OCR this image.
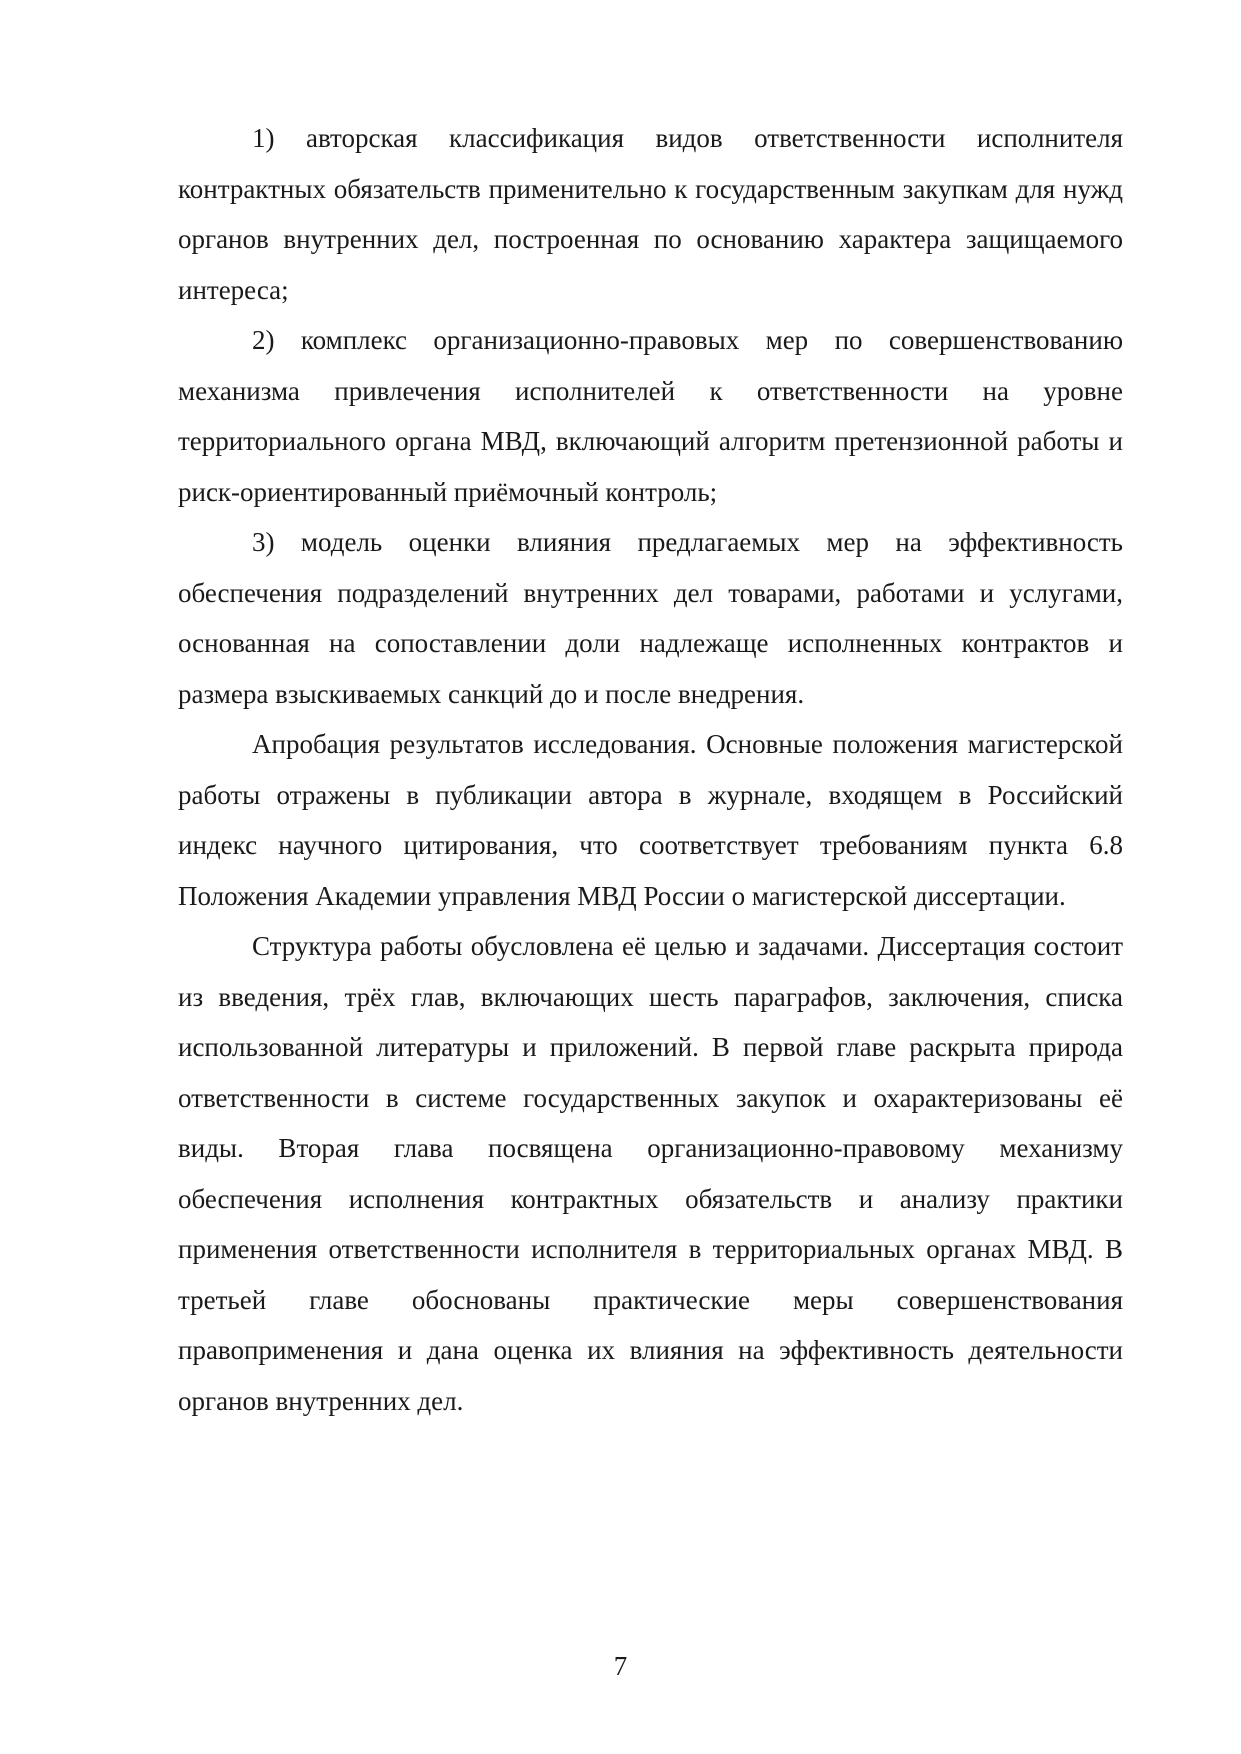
1) авторская классификация видов ответственности исполнителя контрактных обязательств применительно к государственным закупкам для нужд органов внутренних дел, построенная по основанию характера защищаемого интереса;

2) комплекс организационно-правовых мер по совершенствованию механизма привлечения исполнителей к ответственности на уровне территориального органа МВД, включающий алгоритм претензионной работы и риск-ориентированный приёмочный контроль;

3) модель оценки влияния предлагаемых мер на эффективность обеспечения подразделений внутренних дел товарами, работами и услугами, основанная на сопоставлении доли надлежаще исполненных контрактов и размера взыскиваемых санкций до и после внедрения.

Апробация результатов исследования. Основные положения магистерской работы отражены в публикации автора в журнале, входящем в Российский индекс научного цитирования, что соответствует требованиям пункта 6.8 Положения Академии управления МВД России о магистерской диссертации.

Структура работы обусловлена её целью и задачами. Диссертация состоит из введения, трёх глав, включающих шесть параграфов, заключения, списка использованной литературы и приложений. В первой главе раскрыта природа ответственности в системе государственных закупок и охарактеризованы её виды. Вторая глава посвящена организационно-правовому механизму обеспечения исполнения контрактных обязательств и анализу практики применения ответственности исполнителя в территориальных органах МВД. В третьей главе обоснованы практические меры совершенствования правоприменения и дана оценка их влияния на эффективность деятельности органов внутренних дел.

7
